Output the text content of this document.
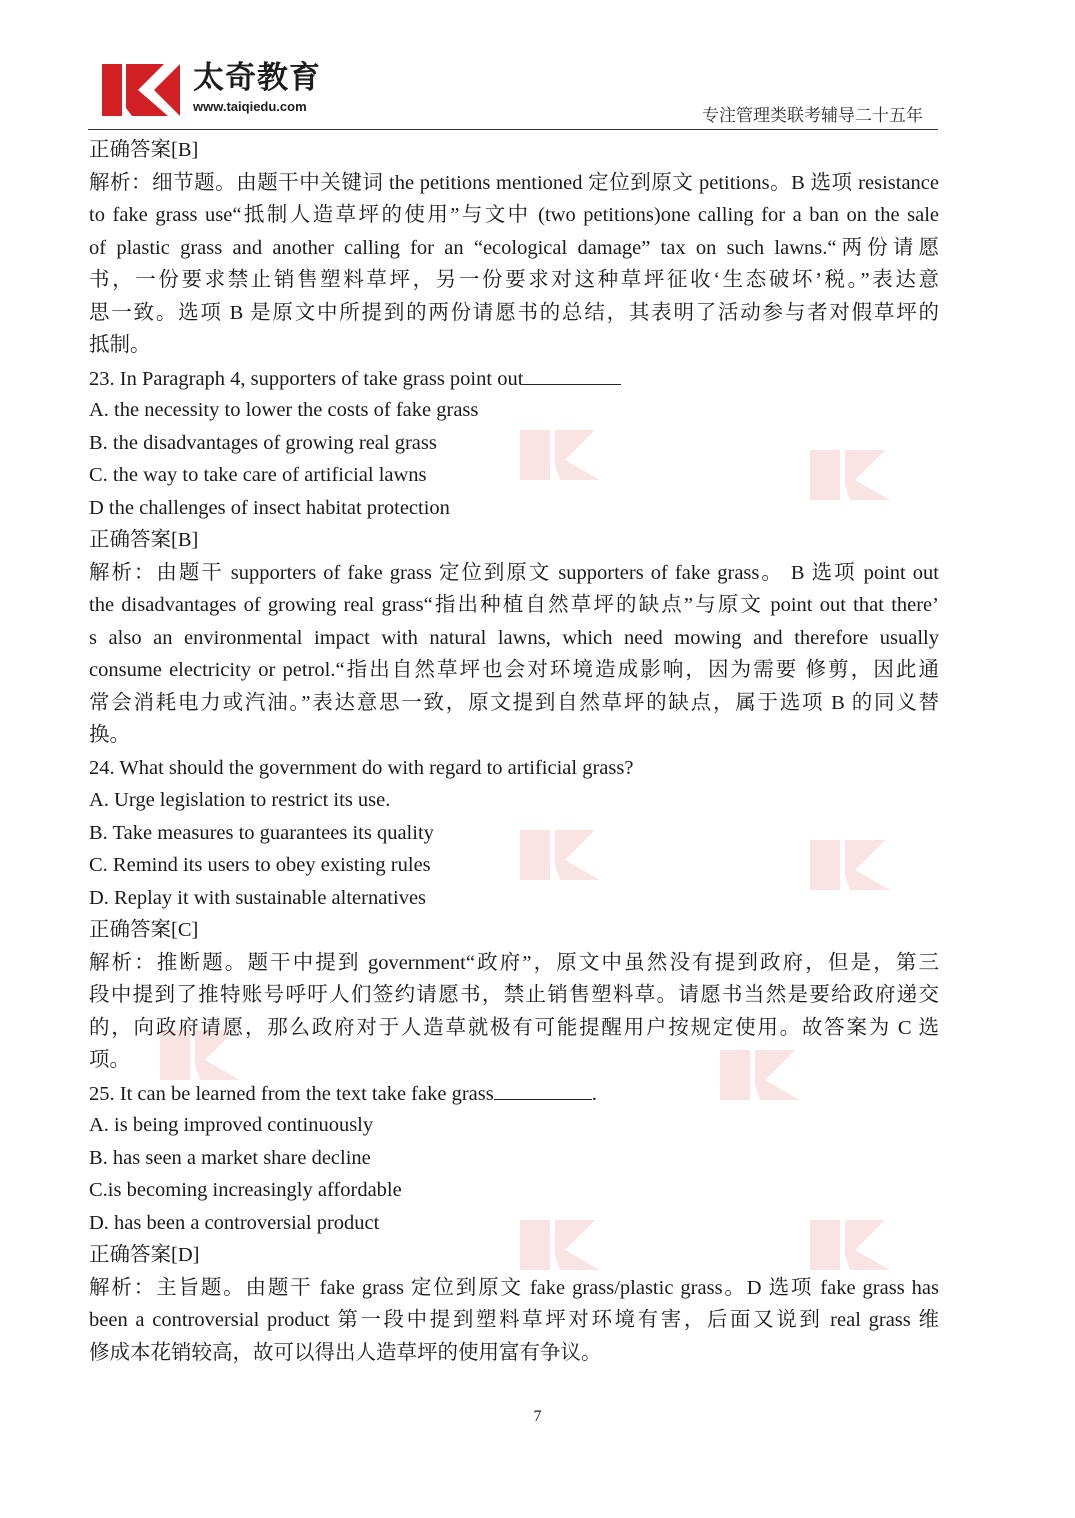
太奇教育
www.taiqiedu.com	专注管理类联考辅导二十五年
正确答案[B]
解析：细节题。由题干中关键词 the petitions mentioned 定位到原文 petitions。B 选项 resistance
to fake grass use“抵制人造草坪的使用”与文中 (two petitions)one calling for a ban on the sale
of plastic grass and another calling for an “ecological damage” tax on such lawns.“两份请愿
书，一份要求禁止销售塑料草坪，另一份要求对这种草坪征收‘生态破坏’税。”表达意
思一致。选项 B 是原文中所提到的两份请愿书的总结，其表明了活动参与者对假草坪的
抵制。
23. In Paragraph 4, supporters of take grass point out
A. the necessity to lower the costs of fake grass
B. the disadvantages of growing real grass
C. the way to take care of artificial lawns
D the challenges of insect habitat protection
正确答案[B]
解析：由题干 supporters of fake grass 定位到原文 supporters of fake grass。 B 选项 point out
the disadvantages of growing real grass“指出种植自然草坪的缺点”与原文 point out that there’
s also an environmental impact with natural lawns, which need mowing and therefore usually
consume electricity or petrol.“指出自然草坪也会对环境造成影响，因为需要 修剪，因此通
常会消耗电力或汽油。”表达意思一致，原文提到自然草坪的缺点，属于选项 B 的同义替
换。
24. What should the government do with regard to artificial grass?
A. Urge legislation to restrict its use.
B. Take measures to guarantees its quality
C. Remind its users to obey existing rules
D. Replay it with sustainable alternatives
正确答案[C]
解析：推断题。题干中提到 government“政府”，原文中虽然没有提到政府，但是，第三
段中提到了推特账号呼吁人们签约请愿书，禁止销售塑料草。请愿书当然是要给政府递交
的，向政府请愿，那么政府对于人造草就极有可能提醒用户按规定使用。故答案为 C 选
项。
25. It can be learned from the text take fake grass	.
A. is being improved continuously
B. has seen a market share decline
C.is becoming increasingly affordable
D. has been a controversial product
正确答案[D]
解析：主旨题。由题干 fake grass 定位到原文 fake grass/plastic grass。D 选项 fake grass has
been a controversial product 第一段中提到塑料草坪对环境有害，后面又说到 real grass 维
修成本花销较高，故可以得出人造草坪的使用富有争议。
7
